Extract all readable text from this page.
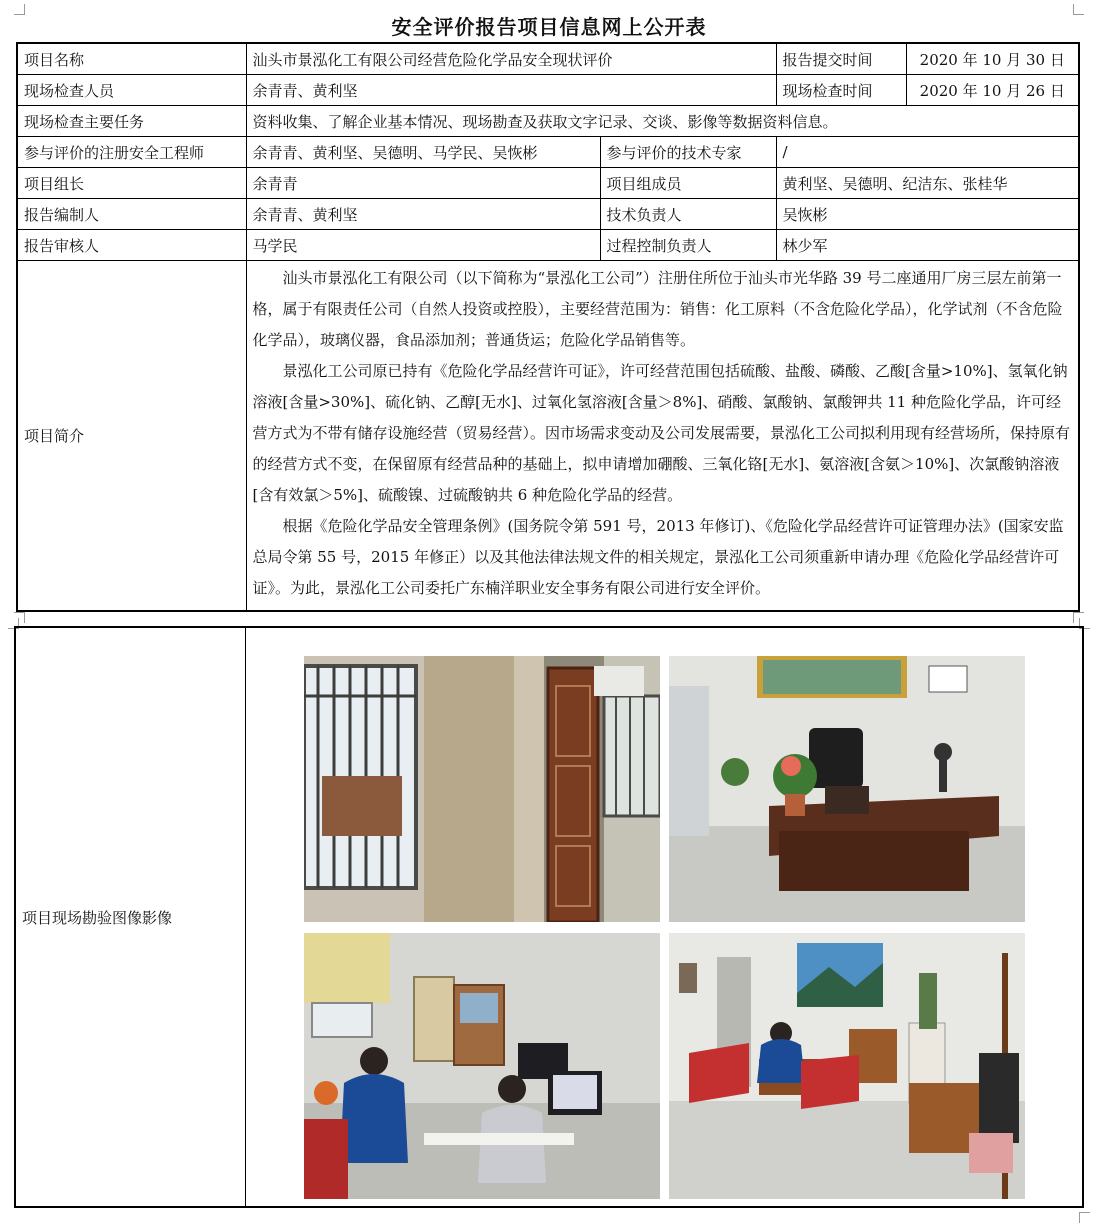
安全评价报告项目信息网上公开表
项目名称	汕头市景泓化工有限公司经营危险化学品安全现状评价		报告提交时间	2020 年 10 月 30 日
现场检查人员	余青青、黄利坚		现场检查时间	2020 年 10 月 26 日
现场检查主要任务	资料收集、了解企业基本情况、现场勘查及获取文字记录、交谈、影像等数据资料信息。			
参与评价的注册安全工程师	余青青、黄利坚、吴德明、马学民、吴恢彬	参与评价的技术专家	/	
项目组长	余青青	项目组成员	黄利坚、吴德明、纪洁东、张桂华	
报告编制人	余青青、黄利坚	技术负责人	吴恢彬	
报告审核人	马学民	过程控制负责人	林少军	
项目简介	汕头市景泓化工有限公司（以下简称为“景泓化工公司”）注册住所位于汕头市光华路 39 号二座通用厂房三层左前第一格，属于有限责任公司（自然人投资或控股），主要经营范围为：销售：化工原料（不含危险化学品），化学试剂（不含危险化学品），玻璃仪器，食品添加剂；普通货运；危险化学品销售等。

景泓化工公司原已持有《危险化学品经营许可证》，许可经营范围包括硫酸、盐酸、磷酸、乙酸[含量>10%]、氢氧化钠溶液[含量>30%]、硫化钠、乙醇[无水]、过氧化氢溶液[含量＞8%]、硝酸、氯酸钠、氯酸钾共 11 种危险化学品，许可经营方式为不带有储存设施经营（贸易经营）。因市场需求变动及公司发展需要，景泓化工公司拟利用现有经营场所，保持原有的经营方式不变，在保留原有经营品种的基础上，拟申请增加硼酸、三氧化铬[无水]、氨溶液[含氨＞10%]、次氯酸钠溶液[含有效氯＞5%]、硫酸镍、过硫酸钠共 6 种危险化学品的经营。

根据《危险化学品安全管理条例》(国务院令第 591 号，2013 年修订)、《危险化学品经营许可证管理办法》(国家安监总局令第 55 号，2015 年修正）以及其他法律法规文件的相关规定，景泓化工公司须重新申请办理《危险化学品经营许可证》。为此，景泓化工公司委托广东楠洋职业安全事务有限公司进行安全评价。			

项目现场勘验图像影像	
